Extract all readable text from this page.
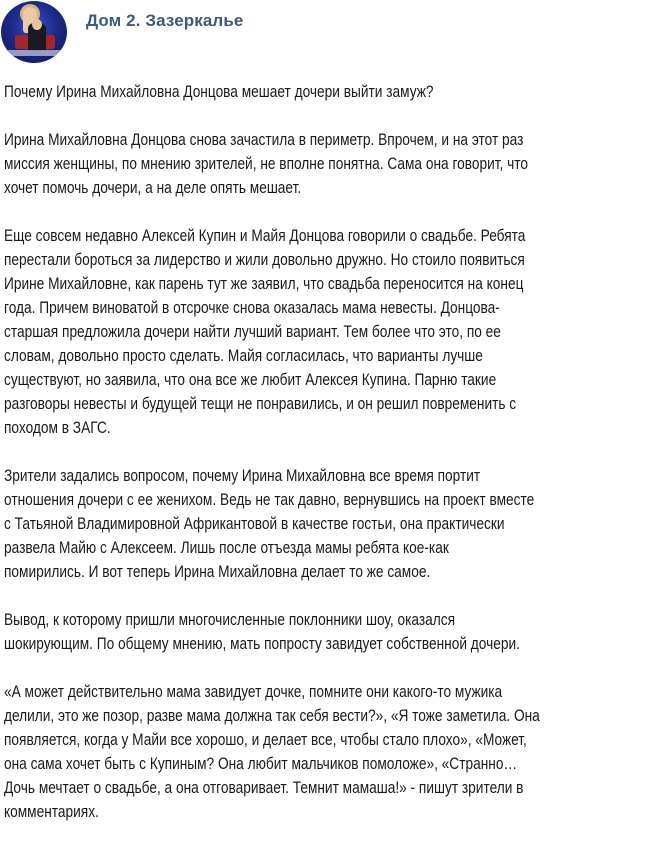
Дом 2. Зазеркалье

Почему Ирина Михайловна Донцова мешает дочери выйти замуж?

Ирина Михайловна Донцова снова зачастила в периметр. Впрочем, и на этот раз
миссия женщины, по мнению зрителей, не вполне понятна. Сама она говорит, что
хочет помочь дочери, а на деле опять мешает.

Еще совсем недавно Алексей Купин и Майя Донцова говорили о свадьбе. Ребята
перестали бороться за лидерство и жили довольно дружно. Но стоило появиться
Ирине Михайловне, как парень тут же заявил, что свадьба переносится на конец
года. Причем виноватой в отсрочке снова оказалась мама невесты. Донцова-
старшая предложила дочери найти лучший вариант. Тем более что это, по ее
словам, довольно просто сделать. Майя согласилась, что варианты лучше
существуют, но заявила, что она все же любит Алексея Купина. Парню такие
разговоры невесты и будущей тещи не понравились, и он решил повременить с
походом в ЗАГС.

Зрители задались вопросом, почему Ирина Михайловна все время портит
отношения дочери с ее женихом. Ведь не так давно, вернувшись на проект вместе
с Татьяной Владимировной Африкантовой в качестве гостьи, она практически
развела Майю с Алексеем. Лишь после отъезда мамы ребята кое-как
помирились. И вот теперь Ирина Михайловна делает то же самое.

Вывод, к которому пришли многочисленные поклонники шоу, оказался
шокирующим. По общему мнению, мать попросту завидует собственной дочери.

«А может действительно мама завидует дочке, помните они какого-то мужика
делили, это же позор, разве мама должна так себя вести?», «Я тоже заметила. Она
появляется, когда у Майи все хорошо, и делает все, чтобы стало плохо», «Может,
она сама хочет быть с Купиным? Она любит мальчиков помоложе», «Странно…
Дочь мечтает о свадьбе, а она отговаривает. Темнит мамаша!» - пишут зрители в
комментариях.
